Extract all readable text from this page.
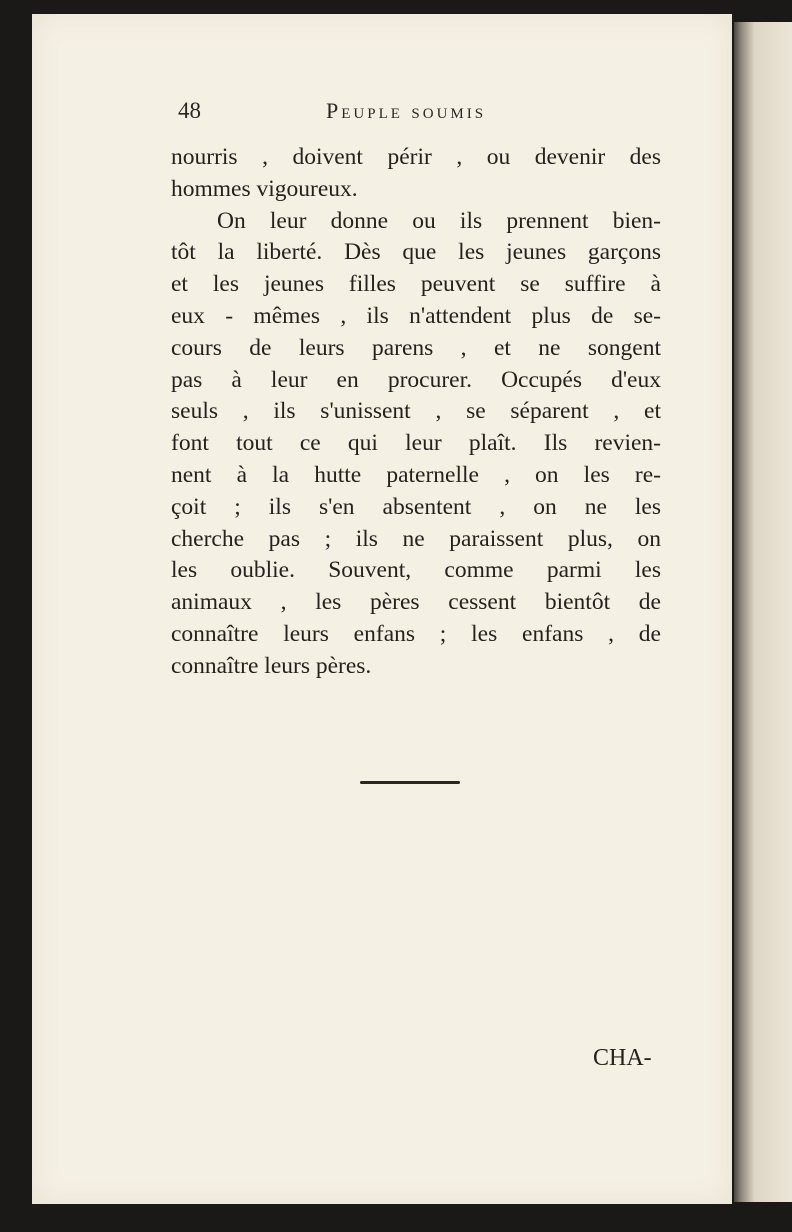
48	Peuple soumis
nourris , doivent périr , ou devenir des
hommes vigoureux.
On leur donne ou ils prennent bien-
tôt la liberté. Dès que les jeunes garçons
et les jeunes filles peuvent se suffire à
eux - mêmes , ils n'attendent plus de se-
cours de leurs parens , et ne songent
pas à leur en procurer. Occupés d'eux
seuls , ils s'unissent , se séparent , et
font tout ce qui leur plaît. Ils revien-
nent à la hutte paternelle , on les re-
çoit ; ils s'en absentent , on ne les
cherche pas ; ils ne paraissent plus, on
les oublie. Souvent, comme parmi les
animaux , les pères cessent bientôt de
connaître leurs enfans ; les enfans , de
connaître leurs pères.
CHA-
